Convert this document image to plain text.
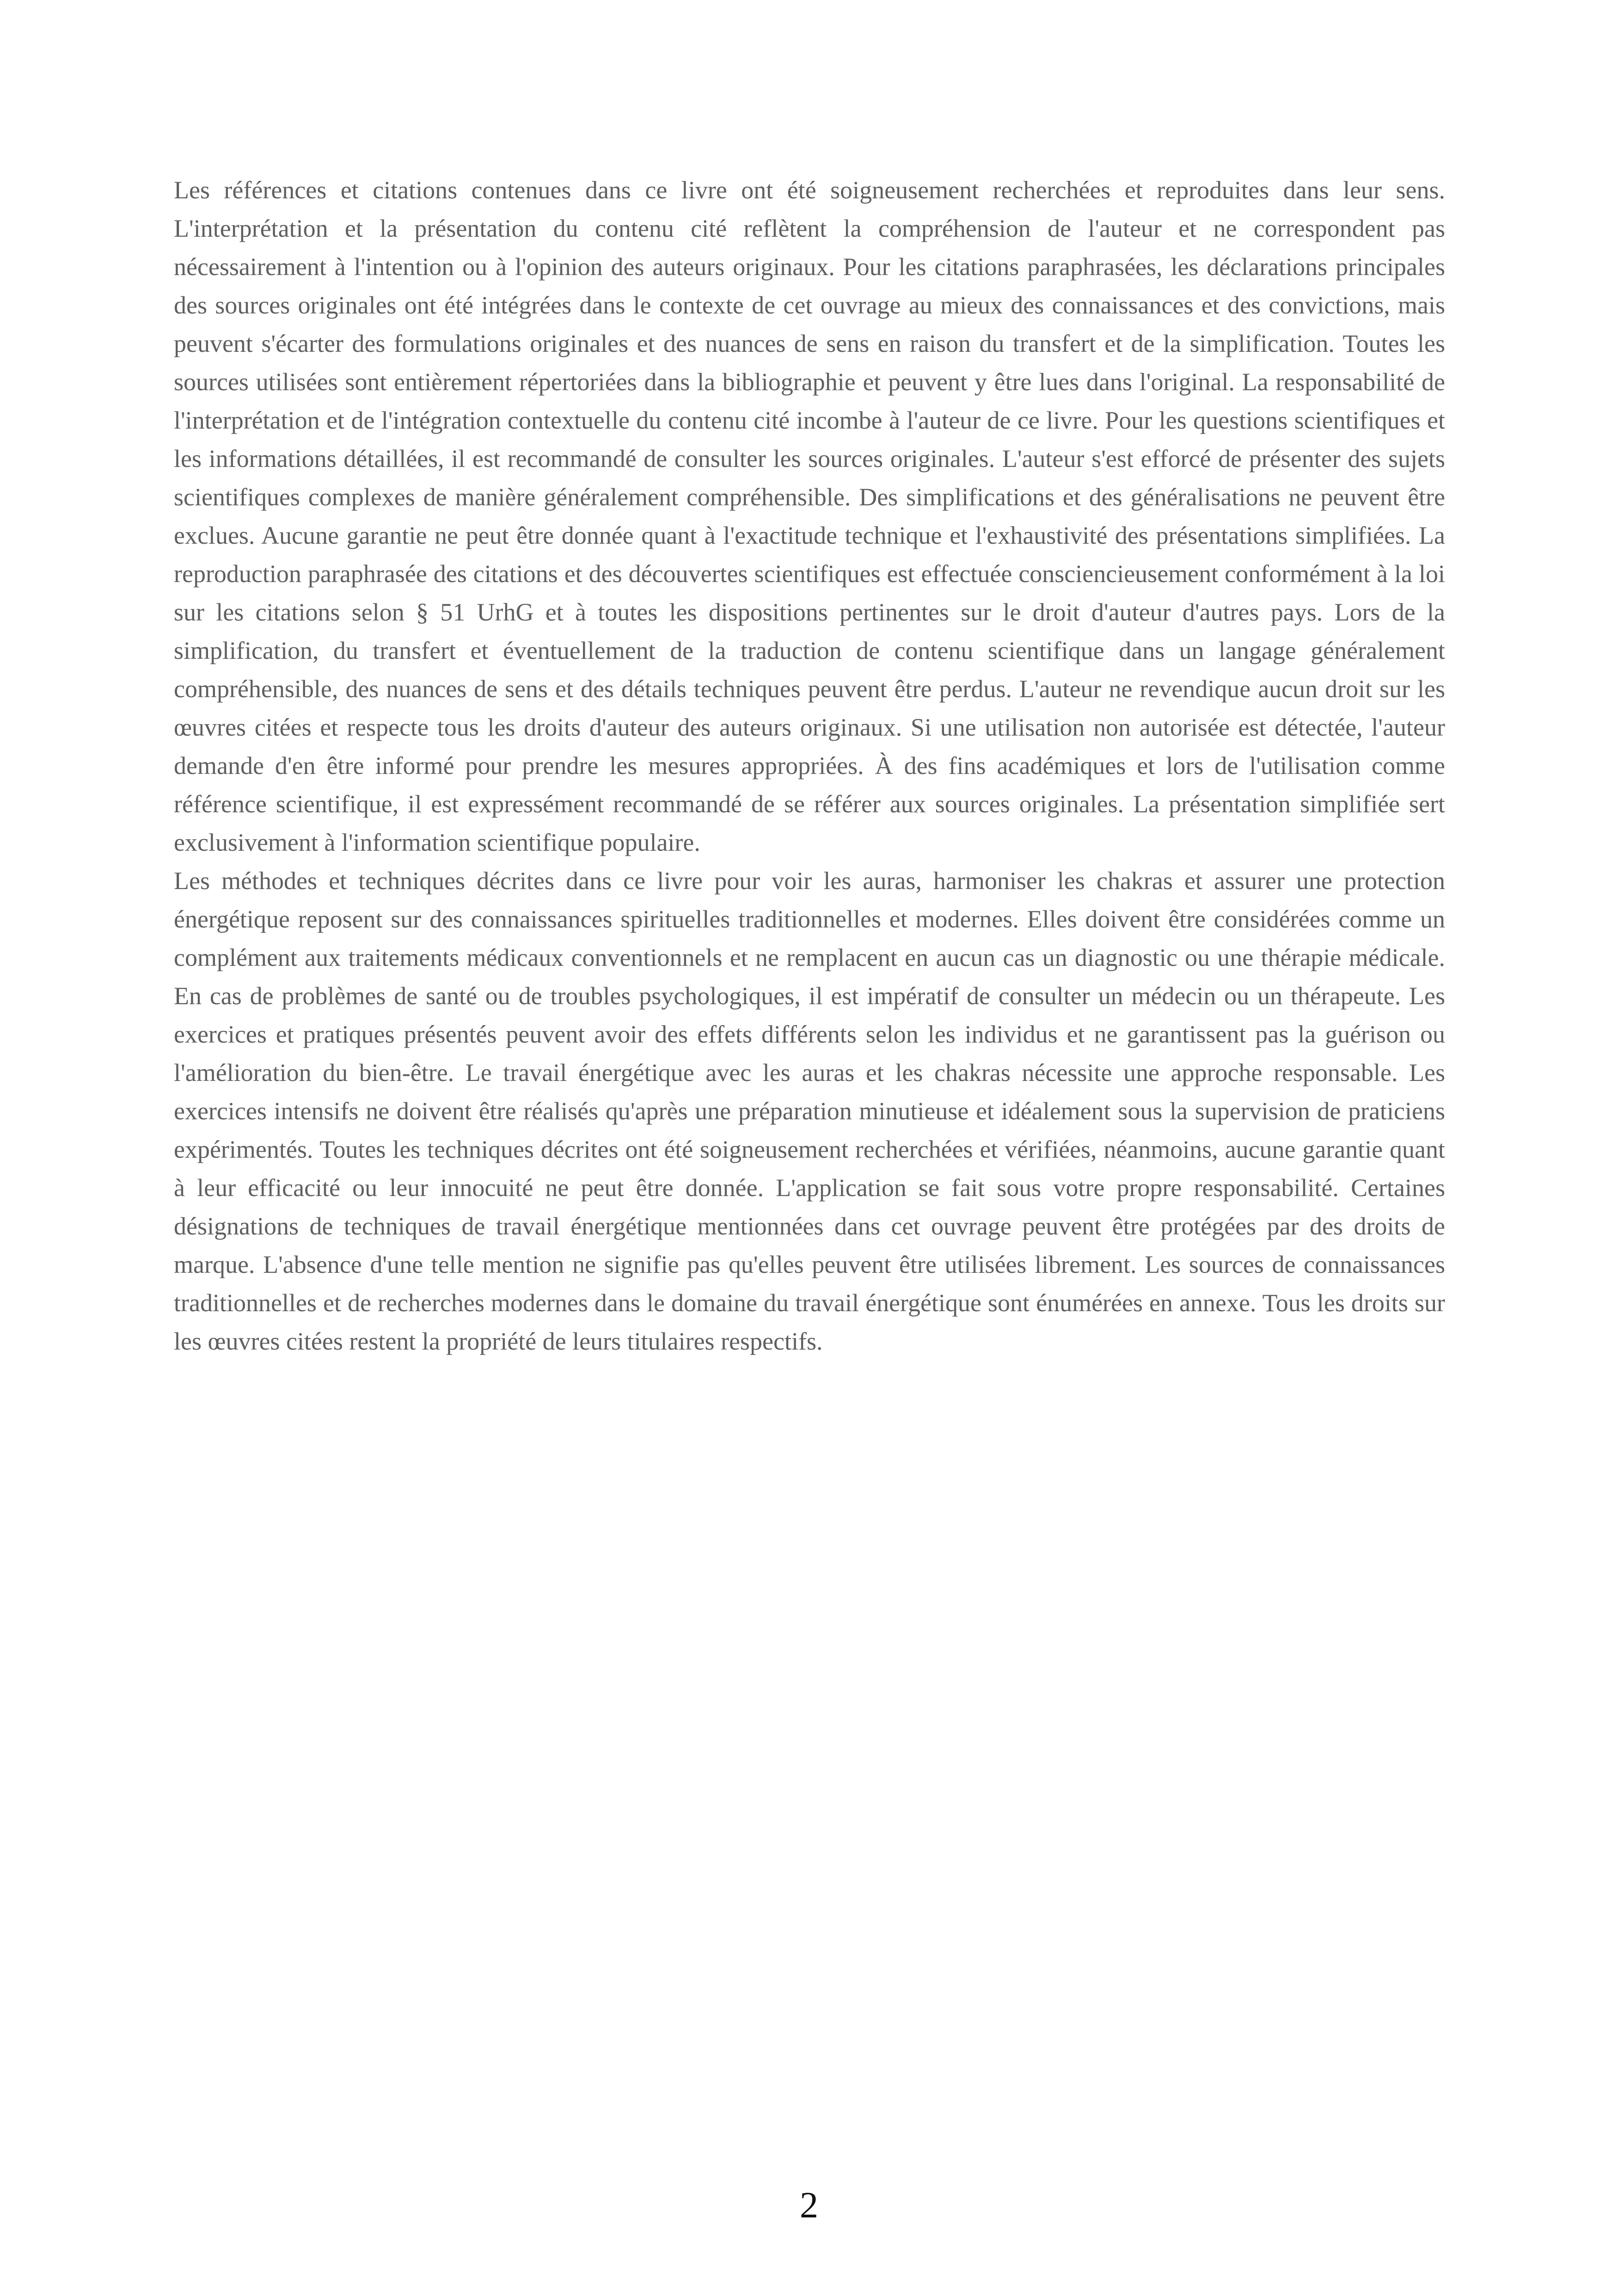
Les références et citations contenues dans ce livre ont été soigneusement recherchées et reproduites dans leur sens. L'interprétation et la présentation du contenu cité reflètent la compréhension de l'auteur et ne correspondent pas nécessairement à l'intention ou à l'opinion des auteurs originaux. Pour les citations paraphrasées, les déclarations principales des sources originales ont été intégrées dans le contexte de cet ouvrage au mieux des connaissances et des convictions, mais peuvent s'écarter des formulations originales et des nuances de sens en raison du transfert et de la simplification. Toutes les sources utilisées sont entièrement répertoriées dans la bibliographie et peuvent y être lues dans l'original. La responsabilité de l'interprétation et de l'intégration contextuelle du contenu cité incombe à l'auteur de ce livre. Pour les questions scientifiques et les informations détaillées, il est recommandé de consulter les sources originales. L'auteur s'est efforcé de présenter des sujets scientifiques complexes de manière généralement compréhensible. Des simplifications et des généralisations ne peuvent être exclues. Aucune garantie ne peut être donnée quant à l'exactitude technique et l'exhaustivité des présentations simplifiées. La reproduction paraphrasée des citations et des découvertes scientifiques est effectuée consciencieusement conformément à la loi sur les citations selon § 51 UrhG et à toutes les dispositions pertinentes sur le droit d'auteur d'autres pays. Lors de la simplification, du transfert et éventuellement de la traduction de contenu scientifique dans un langage généralement compréhensible, des nuances de sens et des détails techniques peuvent être perdus. L'auteur ne revendique aucun droit sur les œuvres citées et respecte tous les droits d'auteur des auteurs originaux. Si une utilisation non autorisée est détectée, l'auteur demande d'en être informé pour prendre les mesures appropriées. À des fins académiques et lors de l'utilisation comme référence scientifique, il est expressément recommandé de se référer aux sources originales. La présentation simplifiée sert exclusivement à l'information scientifique populaire.

Les méthodes et techniques décrites dans ce livre pour voir les auras, harmoniser les chakras et assurer une protection énergétique reposent sur des connaissances spirituelles traditionnelles et modernes. Elles doivent être considérées comme un complément aux traitements médicaux conventionnels et ne remplacent en aucun cas un diagnostic ou une thérapie médicale. En cas de problèmes de santé ou de troubles psychologiques, il est impératif de consulter un médecin ou un thérapeute. Les exercices et pratiques présentés peuvent avoir des effets différents selon les individus et ne garantissent pas la guérison ou l'amélioration du bien-être. Le travail énergétique avec les auras et les chakras nécessite une approche responsable. Les exercices intensifs ne doivent être réalisés qu'après une préparation minutieuse et idéalement sous la supervision de praticiens expérimentés. Toutes les techniques décrites ont été soigneusement recherchées et vérifiées, néanmoins, aucune garantie quant à leur efficacité ou leur innocuité ne peut être donnée. L'application se fait sous votre propre responsabilité. Certaines désignations de techniques de travail énergétique mentionnées dans cet ouvrage peuvent être protégées par des droits de marque. L'absence d'une telle mention ne signifie pas qu'elles peuvent être utilisées librement. Les sources de connaissances traditionnelles et de recherches modernes dans le domaine du travail énergétique sont énumérées en annexe. Tous les droits sur les œuvres citées restent la propriété de leurs titulaires respectifs.

2
